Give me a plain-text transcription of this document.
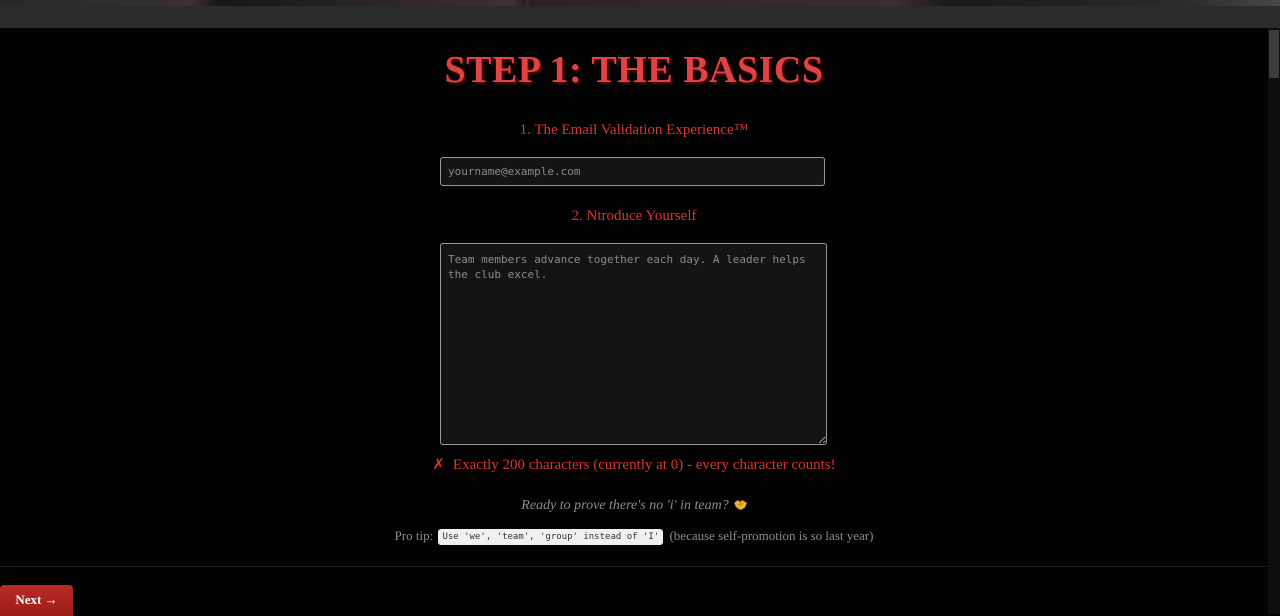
STEP 1: THE BASICS
1. The Email Validation Experience™
yourname@example.com
2. Ntroduce Yourself
Team members advance together each day. A leader helps the club excel.
✗ Exactly 200 characters (currently at 0) - every character counts!
Ready to prove there's no 'i' in team?
Pro tip: Use 'we', 'team', 'group' instead of 'I' (because self-promotion is so last year)
Next →
